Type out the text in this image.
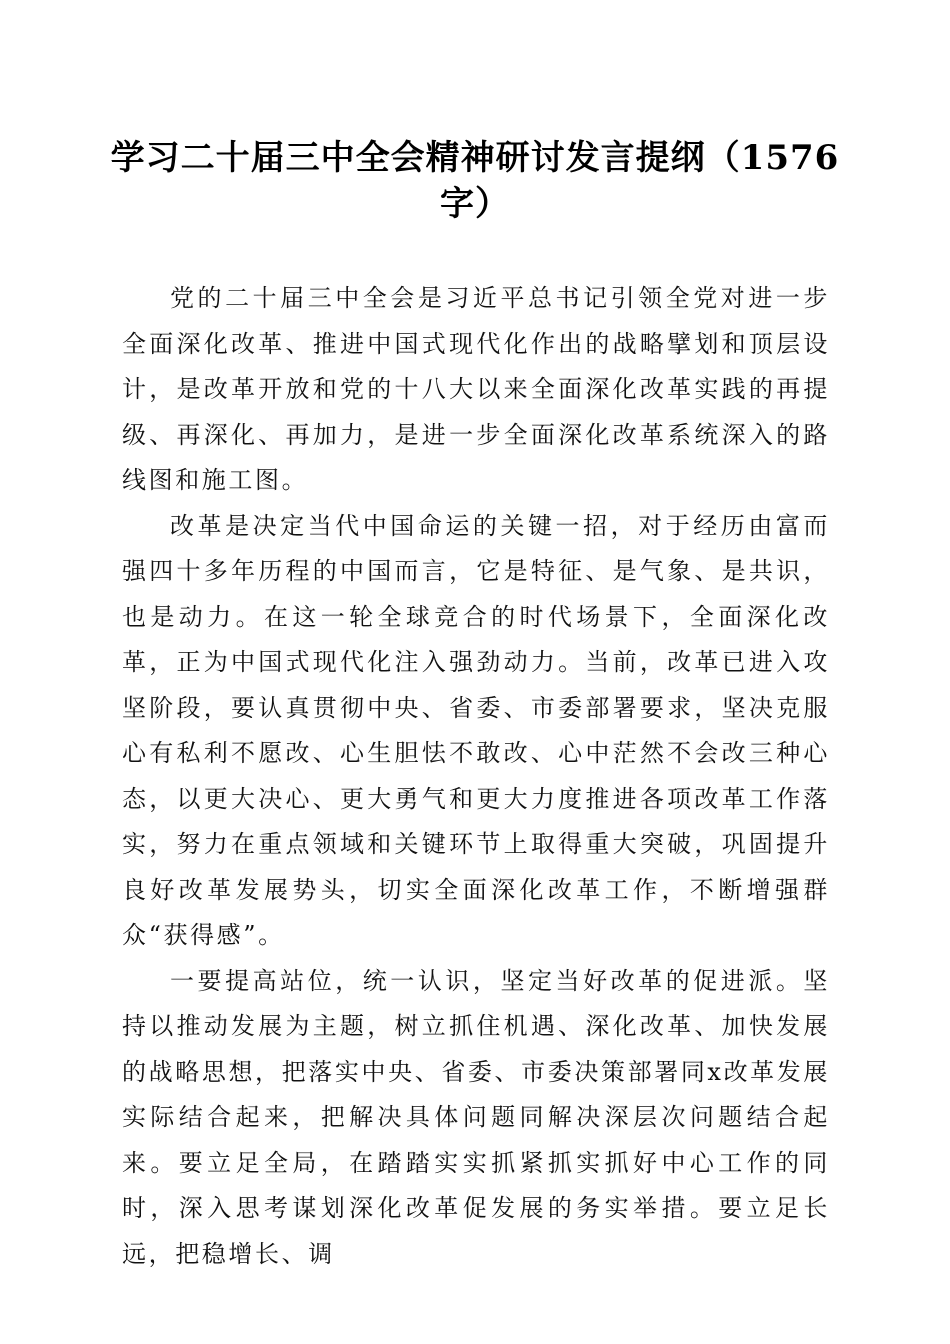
学习二十届三中全会精神研讨发言提纲（1576字）

党的二十届三中全会是习近平总书记引领全党对进一步全面深化改革、推进中国式现代化作出的战略擘划和顶层设计，是改革开放和党的十八大以来全面深化改革实践的再提级、再深化、再加力，是进一步全面深化改革系统深入的路线图和施工图。

改革是决定当代中国命运的关键一招，对于经历由富而强四十多年历程的中国而言，它是特征、是气象、是共识，也是动力。在这一轮全球竞合的时代场景下，全面深化改革，正为中国式现代化注入强劲动力。当前，改革已进入攻坚阶段，要认真贯彻中央、省委、市委部署要求，坚决克服心有私利不愿改、心生胆怯不敢改、心中茫然不会改三种心态，以更大决心、更大勇气和更大力度推进各项改革工作落实，努力在重点领域和关键环节上取得重大突破，巩固提升良好改革发展势头，切实全面深化改革工作，不断增强群众“获得感”。

一要提高站位，统一认识，坚定当好改革的促进派。坚持以推动发展为主题，树立抓住机遇、深化改革、加快发展的战略思想，把落实中央、省委、市委决策部署同x改革发展实际结合起来，把解决具体问题同解决深层次问题结合起来。要立足全局，在踏踏实实抓紧抓实抓好中心工作的同时，深入思考谋划深化改革促发展的务实举措。要立足长远，把稳增长、调
